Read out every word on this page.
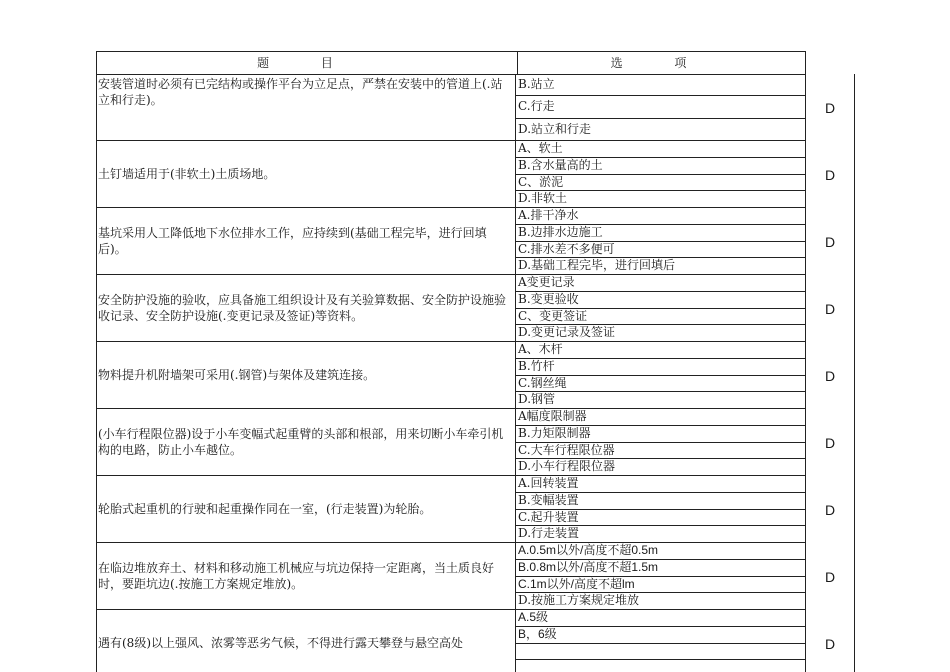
题 目	选 项
安装管道时必须有已完结构或操作平台为立足点，严禁在安装中的管道上(.站立和行走)。
B.站立
C.行走
D.站立和行走
D
土钉墙适用于(非软土)土质场地。
A、软土
B.含水量高的土
C、淤泥
D.非软土
D
基坑采用人工降低地下水位排水工作，应持续到(基础工程完毕，进行回填后)。
A.排干净水
B.边排水边施工
C.排水差不多便可
D.基础工程完毕，进行回填后
D
安全防护没施的验收，应具备施工组织设计及有关验算数据、安全防护设施验收记录、安全防护设施(.变更记录及签证)等资料。
A变更记录
B.变更验收
C、变更签证
D.变更记录及签证
D
物料提升机附墙架可采用(.钢管)与架体及建筑连接。
A、木杆
B.竹杆
C.钢丝绳
D.钢管
D
(小车行程限位器)设于小车变幅式起重臂的头部和根部，用来切断小车牵引机构的电路，防止小车越位。
A幅度限制器
B.力矩限制器
C.大车行程限位器
D.小车行程限位器
D
轮胎式起重机的行驶和起重操作同在一室，(行走装置)为轮胎。
A.回转装置
B.变幅装置
C.起升装置
D.行走装置
D
在临边堆放弃土、材料和移动施工机械应与坑边保持一定距离，当土质良好时，要距坑边(.按施工方案规定堆放)。
A.0.5m以外/高度不超0.5m
B.0.8m以外/高度不超1.5m
C.1m以外/高度不超lm
D.按施工方案规定堆放
D
遇有(8级)以上强风、浓雾等恶劣气候，不得进行露天攀登与悬空高处
A.5级
B，6级
D
